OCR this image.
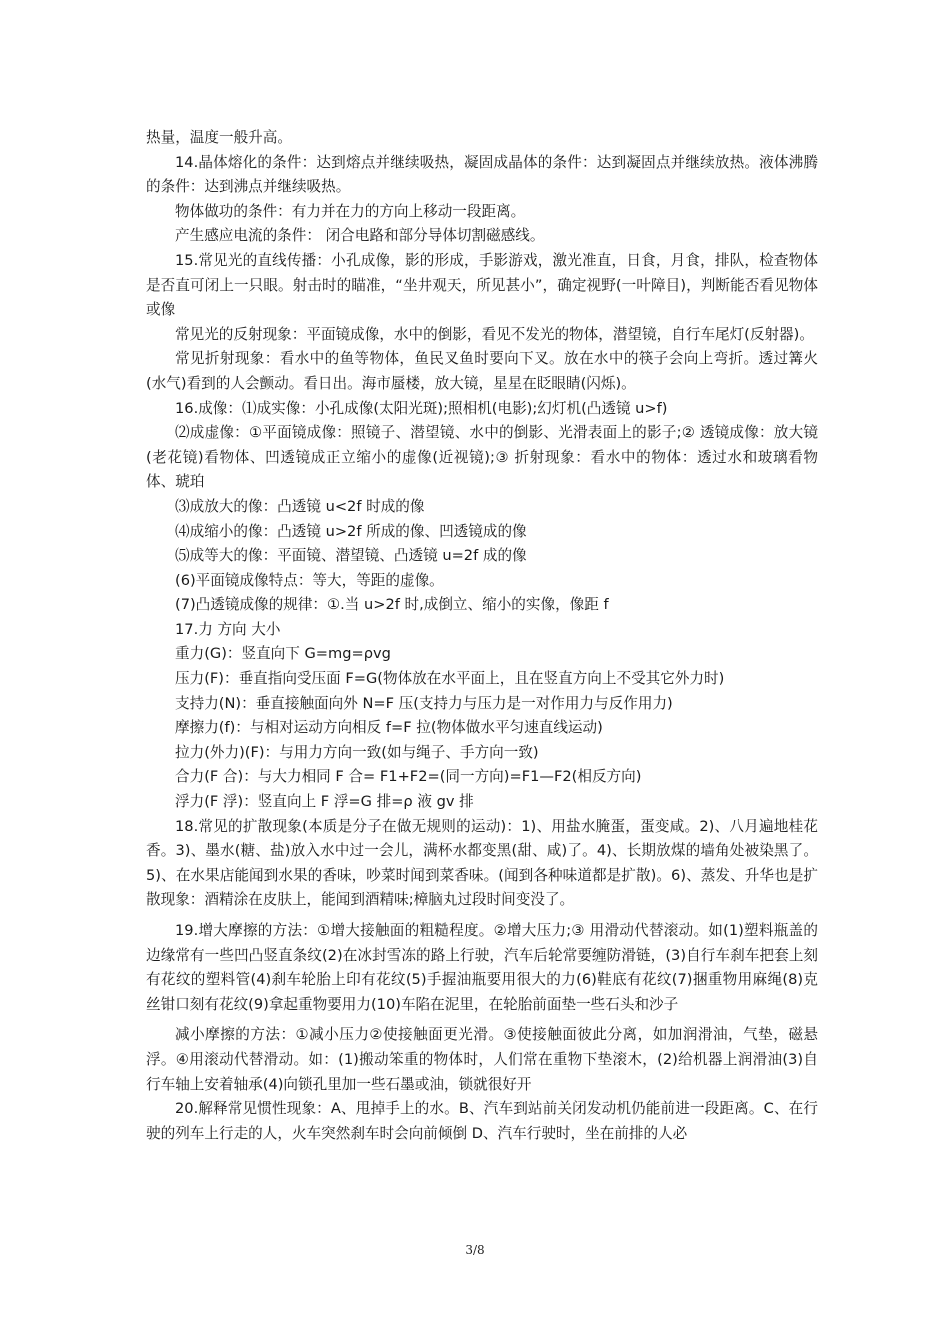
热量，温度一般升高。

14.晶体熔化的条件：达到熔点并继续吸热，凝固成晶体的条件：达到凝固点并继续放热。液体沸腾的条件：达到沸点并继续吸热。

物体做功的条件：有力并在力的方向上移动一段距离。

产生感应电流的条件： 闭合电路和部分导体切割磁感线。

15.常见光的直线传播：小孔成像，影的形成，手影游戏，激光准直，日食，月食，排队，检查物体是否直可闭上一只眼。射击时的瞄准，“坐井观天，所见甚小”，确定视野(一叶障目)，判断能否看见物体或像

常见光的反射现象：平面镜成像，水中的倒影，看见不发光的物体，潜望镜，自行车尾灯(反射器)。

常见折射现象：看水中的鱼等物体，鱼民叉鱼时要向下叉。放在水中的筷子会向上弯折。透过篝火(水气)看到的人会颤动。看日出。海市蜃楼，放大镜，星星在眨眼睛(闪烁)。

16.成像：⑴成实像：小孔成像(太阳光斑);照相机(电影);幻灯机(凸透镜 u>f)

⑵成虚像：①平面镜成像：照镜子、潜望镜、水中的倒影、光滑表面上的影子;② 透镜成像：放大镜(老花镜)看物体、凹透镜成正立缩小的虚像(近视镜);③ 折射现象：看水中的物体：透过水和玻璃看物体、琥珀

⑶成放大的像：凸透镜 u<2f 时成的像

⑷成缩小的像：凸透镜 u>2f 所成的像、凹透镜成的像

⑸成等大的像：平面镜、潜望镜、凸透镜 u=2f 成的像

(6)平面镜成像特点：等大，等距的虚像。

(7)凸透镜成像的规律：①.当 u>2f 时,成倒立、缩小的实像，像距 f

17.力 方向 大小

重力(G)：竖直向下 G=mg=ρvg

压力(F)：垂直指向受压面 F=G(物体放在水平面上，且在竖直方向上不受其它外力时)

支持力(N)：垂直接触面向外 N=F 压(支持力与压力是一对作用力与反作用力)

摩擦力(f)：与相对运动方向相反 f=F 拉(物体做水平匀速直线运动)

拉力(外力)(F)：与用力方向一致(如与绳子、手方向一致)

合力(F 合)：与大力相同 F 合= F1+F2=(同一方向)=F1—F2(相反方向)

浮力(F 浮)：竖直向上 F 浮=G 排=ρ 液 gv 排

18.常见的扩散现象(本质是分子在做无规则的运动)：1)、用盐水腌蛋，蛋变咸。2)、八月遍地桂花香。3)、墨水(糖、盐)放入水中过一会儿，满杯水都变黑(甜、咸)了。4)、长期放煤的墙角处被染黑了。5)、在水果店能闻到水果的香味，吵菜时闻到菜香味。(闻到各种味道都是扩散)。6)、蒸发、升华也是扩散现象：酒精涂在皮肤上，能闻到酒精味;樟脑丸过段时间变没了。

19.增大摩擦的方法：①增大接触面的粗糙程度。②增大压力;③ 用滑动代替滚动。如(1)塑料瓶盖的边缘常有一些凹凸竖直条纹(2)在冰封雪冻的路上行驶，汽车后轮常要缠防滑链，(3)自行车刹车把套上刻有花纹的塑料管(4)刹车轮胎上印有花纹(5)手握油瓶要用很大的力(6)鞋底有花纹(7)捆重物用麻绳(8)克丝钳口刻有花纹(9)拿起重物要用力(10)车陷在泥里，在轮胎前面垫一些石头和沙子

减小摩擦的方法：①减小压力②使接触面更光滑。③使接触面彼此分离，如加润滑油，气垫，磁悬浮。④用滚动代替滑动。如：(1)搬动笨重的物体时，人们常在重物下垫滚木，(2)给机器上润滑油(3)自行车轴上安着轴承(4)向锁孔里加一些石墨或油，锁就很好开

20.解释常见惯性现象：A、甩掉手上的水。B、汽车到站前关闭发动机仍能前进一段距离。C、在行驶的列车上行走的人，火车突然刹车时会向前倾倒 D、汽车行驶时，坐在前排的人必

3/8
